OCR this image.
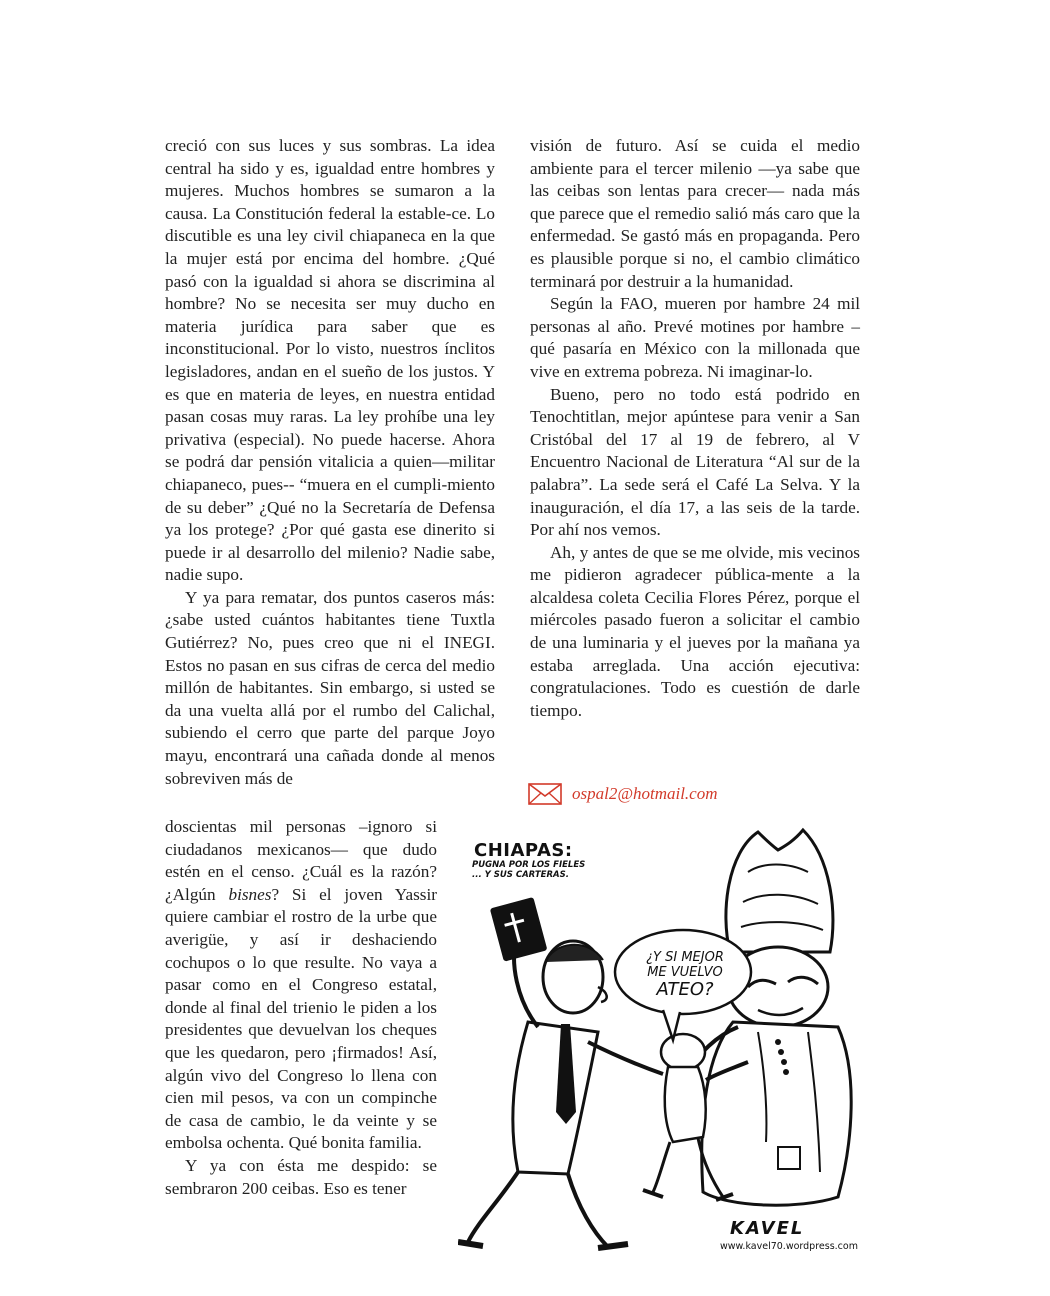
creció con sus luces y sus sombras. La idea central ha sido y es, igualdad entre hombres y mujeres. Muchos hombres se sumaron a la causa. La Constitución federal la estable-ce. Lo discutible es una ley civil chiapaneca en la que la mujer está por encima del hombre. ¿Qué pasó con la igualdad si ahora se discrimina al hombre? No se necesita ser muy ducho en materia jurídica para saber que es inconstitucional. Por lo visto, nuestros ínclitos legisladores, andan en el sueño de los justos. Y es que en materia de leyes, en nuestra entidad pasan cosas muy raras. La ley prohíbe una ley privativa (especial). No puede hacerse. Ahora se podrá dar pensión vitalicia a quien—militar chiapaneco, pues-- “muera en el cumpli-miento de su deber” ¿Qué no la Secretaría de Defensa ya los protege? ¿Por qué gasta ese dinerito si puede ir al desarrollo del milenio? Nadie sabe, nadie supo.

Y ya para rematar, dos puntos caseros más: ¿sabe usted cuántos habitantes tiene Tuxtla Gutiérrez? No, pues creo que ni el INEGI. Estos no pasan en sus cifras de cerca del medio millón de habitantes. Sin embargo, si usted se da una vuelta allá por el rumbo del Calichal, subiendo el cerro que parte del parque Joyo mayu, encontrará una cañada donde al menos sobreviven más de

doscientas mil personas –ignoro si ciudadanos mexicanos— que dudo estén en el censo. ¿Cuál es la razón? ¿Algún bisnes? Si el joven Yassir quiere cambiar el rostro de la urbe que averigüe, y así ir deshaciendo cochupos o lo que resulte. No vaya a pasar como en el Congreso estatal, donde al final del trienio le piden a los presidentes que devuelvan los cheques que les quedaron, pero ¡firmados! Así, algún vivo del Congreso lo llena con cien mil pesos, va con un compinche de casa de cambio, le da veinte y se embolsa ochenta. Qué bonita familia.

Y ya con ésta me despido: se sembraron 200 ceibas. Eso es tener

visión de futuro. Así se cuida el medio ambiente para el tercer milenio —ya sabe que las ceibas son lentas para crecer— nada más que parece que el remedio salió más caro que la enfermedad. Se gastó más en propaganda. Pero es plausible porque si no, el cambio climático terminará por destruir a la humanidad.

Según la FAO, mueren por hambre 24 mil personas al año. Prevé motines por hambre –qué pasaría en México con la millonada que vive en extrema pobreza. Ni imaginar-lo.

Bueno, pero no todo está podrido en Tenochtitlan, mejor apúntese para venir a San Cristóbal del 17 al 19 de febrero, al V Encuentro Nacional de Literatura “Al sur de la palabra”. La sede será el Café La Selva. Y la inauguración, el día 17, a las seis de la tarde. Por ahí nos vemos.

Ah, y antes de que se me olvide, mis vecinos me pidieron agradecer pública-mente a la alcaldesa coleta Cecilia Flores Pérez, porque el miércoles pasado fueron a solicitar el cambio de una luminaria y el jueves por la mañana ya estaba arreglada. Una acción ejecutiva: congratulaciones. Todo es cuestión de darle tiempo.

ospal2@hotmail.com
CHIAPAS:
PUGNA POR LOS FIELES
... Y SUS CARTERAS.
¿Y SI MEJOR
ME VUELVO
ATEO?
KAVEL
www.kavel70.wordpress.com
